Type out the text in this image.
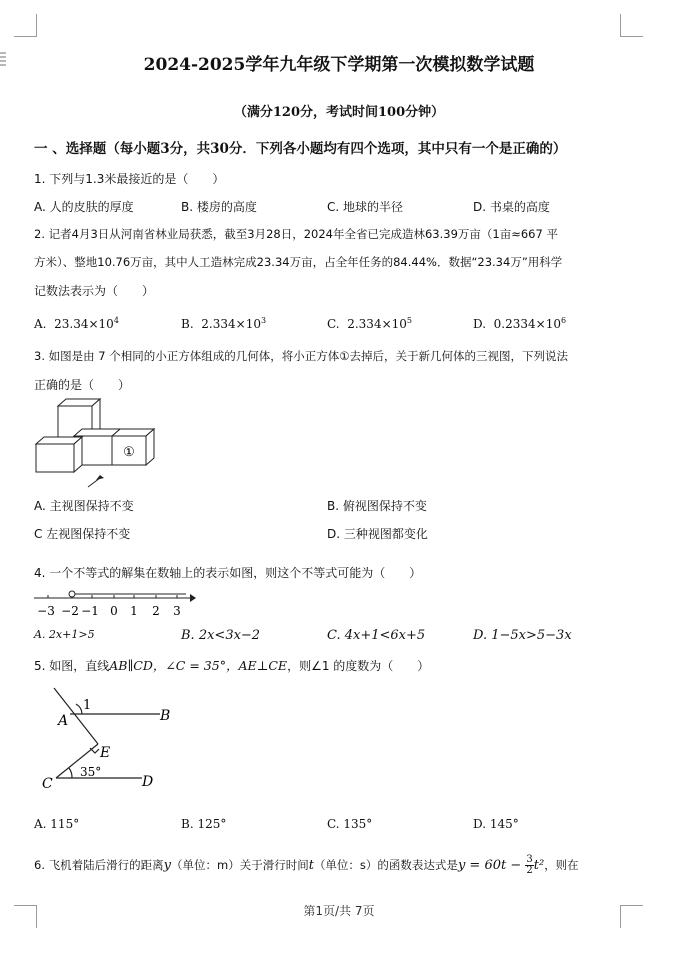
2024-2025学年九年级下学期第一次模拟数学试题
（满分120分，考试时间100分钟）
一 、选择题（每小题3分，共30分．下列各小题均有四个选项，其中只有一个是正确的）
1. 下列与1.3米最接近的是（　　）
A. 人的皮肤的厚度	B. 楼房的高度	C. 地球的半径	D. 书桌的高度
2. 记者4月3日从河南省林业局获悉，截至3月28日，2024年全省已完成造林63.39万亩（1亩≈667 平
方米）、整地10.76万亩，其中人工造林完成23.34万亩，占全年任务的84.44%．数据“23.34万”用科学
记数法表示为（　　）
A. $23.34\times 10^4$	B. $2.334\times 10^3$	C. $2.334\times 10^5$	D. $0.2334\times 10^6$
3. 如图是由 7 个相同的小正方体组成的几何体，将小正方体①去掉后，关于新几何体的三视图，下列说法
正确的是（　　）
①
A. 主视图保持不变	B. 俯视图保持不变
C 左视图保持不变	D. 三种视图都变化
4. 一个不等式的解集在数轴上的表示如图，则这个不等式可能为（　　）
−3 −2 −1 0 1 2 3
A. 2x+1>5	B. 2x<3x−2	C. 4x+1<6x+5	D. 1−5x>5−3x
5. 如图，直线AB∥CD，∠C = 35°，AE⊥CE，则∠1 的度数为（　　）
A	B
C	D
E
1
35°
A. 115°	B. 125°	C. 135°	D. 145°
6. 飞机着陆后滑行的距离y（单位：m）关于滑行时间t（单位：s）的函数表达式是$y = 60t - \frac{3}{2} t^2$，则在
第1页/共 7页
